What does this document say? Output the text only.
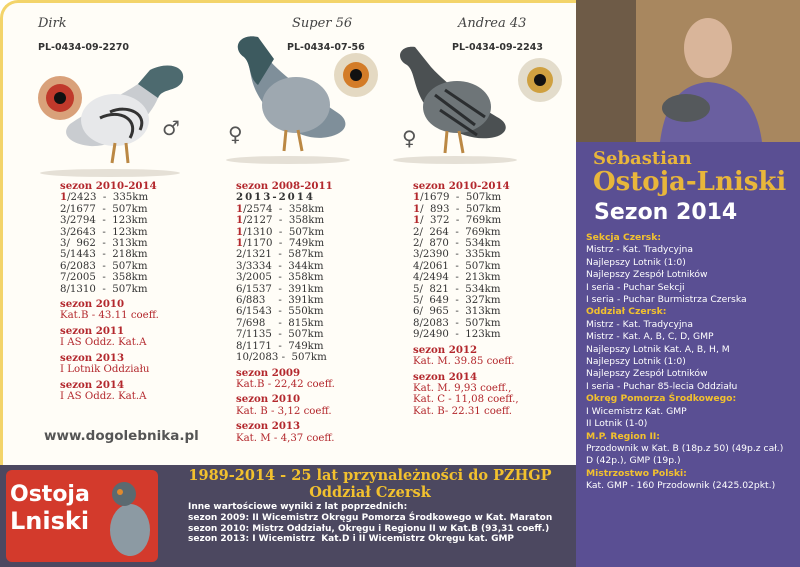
Dirk
PL-0434-09-2270
♂
Super 56
PL-0434-07-56
♀
Andrea 43
PL-0434-09-2243
♀
sezon 2010-2014
1/2423  -  335km
2/1677  -  507km
3/2794  -  123km
3/2643  -  123km
3/  962  -  313km
5/1443  -  218km
6/2083  -  507km
7/2005  -  358km
8/1310  -  507km
sezon 2010
Kat.B - 43.11 coeff.
sezon 2011
I AS Oddz. Kat.A
sezon 2013
I Lotnik Oddziału
sezon 2014
I AS Oddz. Kat.A
sezon 2008-2011
2013-2014
1/2574  -  358km
1/2127  -  358km
1/1310  -  507km
1/1170  -  749km
2/1321  -  587km
3/3334  -  344km
3/2005  -  358km
6/1537  -  391km
6/883    -  391km
6/1543  -  550km
7/698    -  815km
7/1135  -  507km
8/1171  -  749km
10/2083 -  507km
sezon 2009
Kat.B - 22,42 coeff.
sezon 2010
Kat. B - 3,12 coeff.
sezon 2013
Kat. M - 4,37 coeff.
sezon 2010-2014
1/1679  -  507km
1/  893  -  507km
1/  372  -  769km
2/  264  -  769km
2/  870  -  534km
3/2390  -  335km
4/2061  -  507km
4/2494  -  213km
5/  821  -  534km
5/  649  -  327km
6/  965  -  313km
8/2083  -  507km
9/2490  -  123km
sezon 2012
Kat. M. 39.85 coeff.
sezon 2014
Kat. M. 9,93 coeff.,
Kat. C - 11,08 coeff.,
Kat. B- 22.31 coeff.
www.dogolebnika.pl
Sebastian
Ostoja-Lniski
Sezon 2014
Sekcja Czersk:
Mistrz - Kat. Tradycyjna
Najlepszy Lotnik (1:0)
Najlepszy Zespół Lotników
I seria - Puchar Sekcji
I seria - Puchar Burmistrza Czerska
Oddział Czersk:
Mistrz - Kat. Tradycyjna
Mistrz - Kat. A, B, C, D, GMP
Najlepszy Lotnik Kat. A, B, H, M
Najlepszy Lotnik (1:0)
Najlepszy Zespół Lotników
I seria - Puchar 85-lecia Oddziału
Okręg Pomorza Środkowego:
I Wicemistrz Kat. GMP
II Lotnik (1-0)
M.P. Region II:
Przodownik w Kat. B (18p.z 50) (49p.z cał.)
D (42p.), GMP (19p.)
Mistrzostwo Polski:
Kat. GMP - 160 Przodownik (2425.02pkt.)
Ostoja
Lniski
1989-2014 - 25 lat przynależności do PZHGP
Oddział Czersk
Inne wartościowe wyniki z lat poprzednich:
sezon 2009: II Wicemistrz Okręgu Pomorza Środkowego w Kat. Maraton
sezon 2010: Mistrz Oddziału, Okręgu i Regionu II w Kat.B (93,31 coeff.)
sezon 2013: I Wicemistrz  Kat.D i II Wicemistrz Okręgu kat. GMP
